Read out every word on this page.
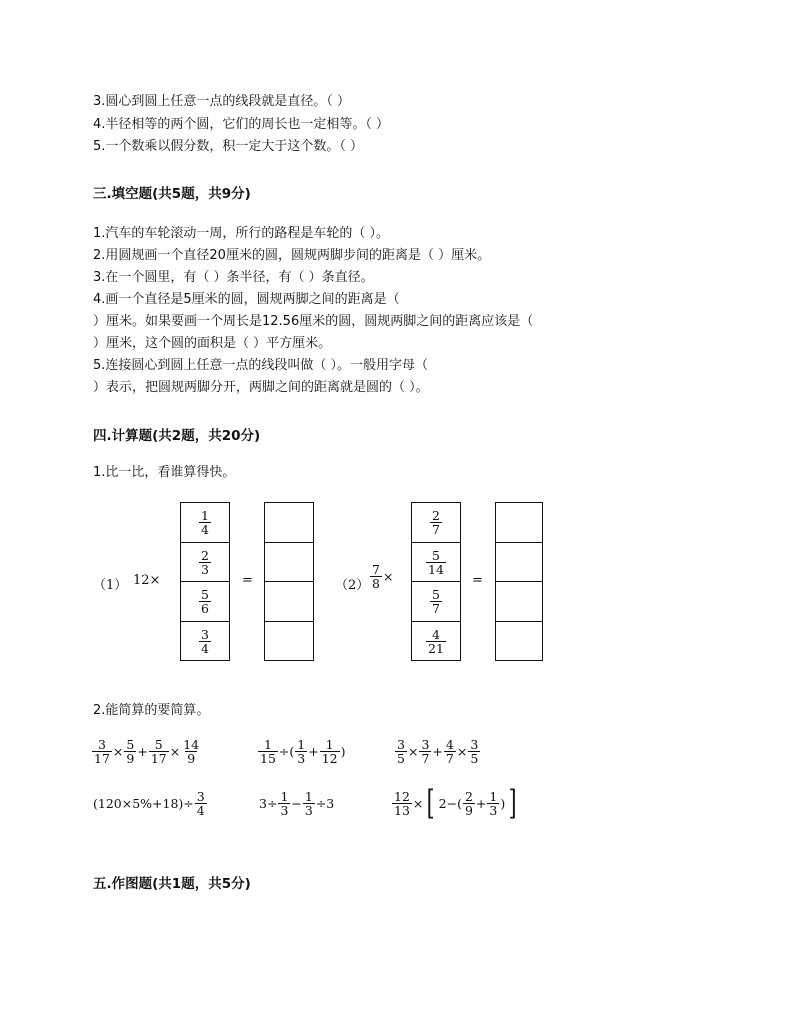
3.圆心到圆上任意一点的线段就是直径。（ ）
4.半径相等的两个圆，它们的周长也一定相等。（ ）
5.一个数乘以假分数，积一定大于这个数。（ ）
三.填空题(共5题，共9分)
1.汽车的车轮滚动一周，所行的路程是车轮的（ ）。
2.用圆规画一个直径20厘米的圆，圆规两脚步间的距离是（ ）厘米。
3.在一个圆里，有（ ）条半径，有（ ）条直径。
4.画一个直径是5厘米的圆，圆规两脚之间的距离是（
）厘米。如果要画一个周长是12.56厘米的圆，圆规两脚之间的距离应该是（
）厘米，这个圆的面积是（ ）平方厘米。
5.连接圆心到圆上任意一点的线段叫做（ ）。一般用字母（
）表示，把圆规两脚分开，两脚之间的距离就是圆的（ ）。
四.计算题(共2题，共20分)
1.比一比，看谁算得快。
（1） 12×
$\frac{1}{4}$
$\frac{2}{3}$
$\frac{5}{6}$
$\frac{3}{4}$
=	$(2) \frac{7}{8}$ ×
$\frac{2}{7}$
$\frac{5}{14}$
$\frac{5}{7}$
$\frac{4}{21}$
=
2.能简算的要简算。
$\frac{3}{17} \times \frac{5}{9} + \frac{5}{17} \times \frac{14}{9}$	$\frac{1}{15}$ ÷( $\frac{1}{3} + \frac{1}{12}$ )	$\frac{3}{5} \times \frac{3}{7} + \frac{4}{7} \times \frac{3}{5}$
$(120\times 5\%+18)\div \frac{3}{4}$	$3\div \frac{1}{3} - \frac{1}{3} \div 3$	$\frac{12}{13}$ × [ $2-( \frac{2}{9} + \frac{1}{3}$ ) ]
五.作图题(共1题，共5分)
